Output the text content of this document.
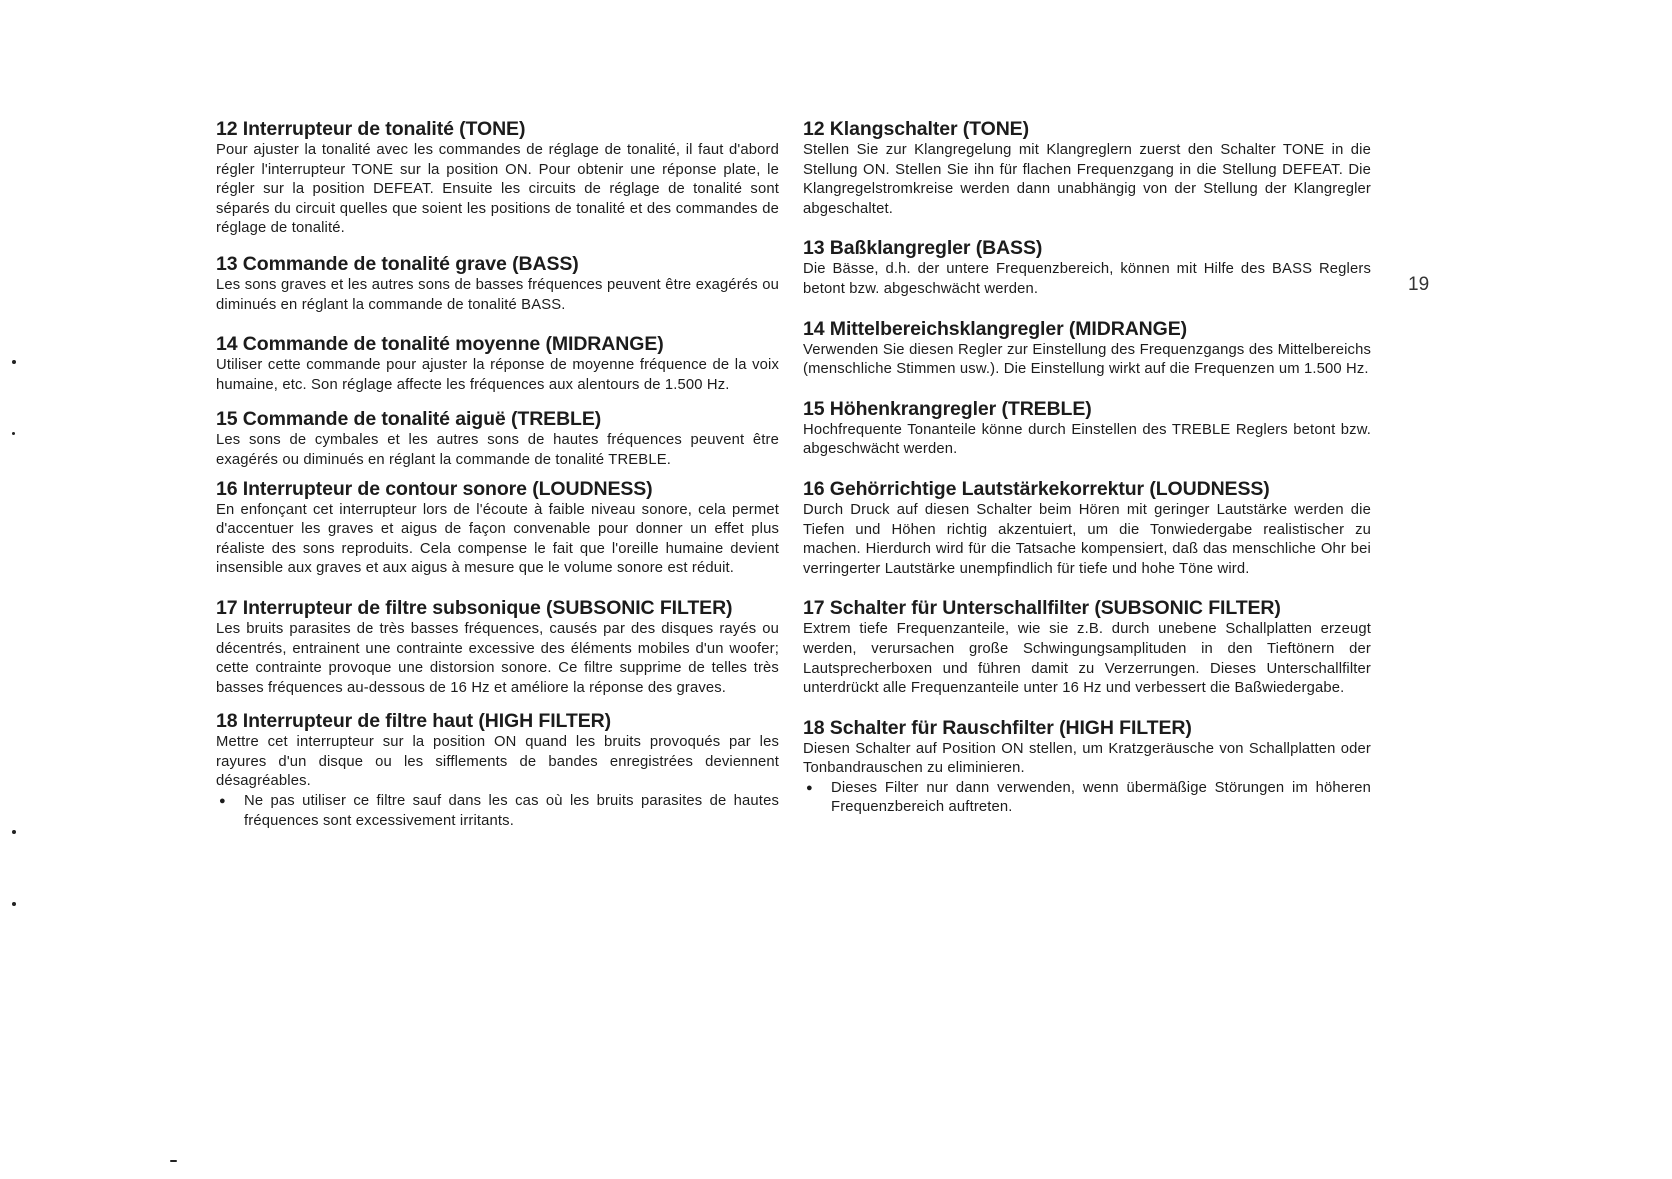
12 Interrupteur de tonalité (TONE)

Pour ajuster la tonalité avec les commandes de réglage de tonalité, il faut d'abord régler l'interrupteur TONE sur la position ON. Pour obtenir une réponse plate, le régler sur la position DEFEAT. Ensuite les circuits de réglage de tonalité sont séparés du circuit quelles que soient les positions de tonalité et des commandes de réglage de tonalité.

13 Commande de tonalité grave (BASS)

Les sons graves et les autres sons de basses fréquences peuvent être exagérés ou diminués en réglant la commande de tonalité BASS.

14 Commande de tonalité moyenne (MIDRANGE)

Utiliser cette commande pour ajuster la réponse de moyenne fréquence de la voix humaine, etc. Son réglage affecte les fréquences aux alentours de 1.500 Hz.

15 Commande de tonalité aiguë (TREBLE)

Les sons de cymbales et les autres sons de hautes fréquences peuvent être exagérés ou diminués en réglant la commande de tonalité TREBLE.

16 Interrupteur de contour sonore (LOUDNESS)

En enfonçant cet interrupteur lors de l'écoute à faible niveau sonore, cela permet d'accentuer les graves et aigus de façon convenable pour donner un effet plus réaliste des sons reproduits. Cela compense le fait que l'oreille humaine devient insensible aux graves et aux aigus à mesure que le volume sonore est réduit.

17 Interrupteur de filtre subsonique (SUBSONIC FILTER)

Les bruits parasites de très basses fréquences, causés par des disques rayés ou décentrés, entrainent une contrainte excessive des éléments mobiles d'un woofer; cette contrainte provoque une distorsion sonore. Ce filtre supprime de telles très basses fréquences au-dessous de 16 Hz et améliore la réponse des graves.

18 Interrupteur de filtre haut (HIGH FILTER)

Mettre cet interrupteur sur la position ON quand les bruits provoqués par les rayures d'un disque ou les sifflements de bandes enregistrées deviennent désagréables.

● Ne pas utiliser ce filtre sauf dans les cas où les bruits parasites de hautes fréquences sont excessivement irritants.
12 Klangschalter (TONE)

Stellen Sie zur Klangregelung mit Klangreglern zuerst den Schalter TONE in die Stellung ON. Stellen Sie ihn für flachen Frequenzgang in die Stellung DEFEAT. Die Klangregelstromkreise werden dann unabhängig von der Stellung der Klangregler abgeschaltet.

13 Baßklangregler (BASS)

Die Bässe, d.h. der untere Frequenzbereich, können mit Hilfe des BASS Reglers betont bzw. abgeschwächt werden.

14 Mittelbereichsklangregler (MIDRANGE)

Verwenden Sie diesen Regler zur Einstellung des Frequenzgangs des Mittelbereichs (menschliche Stimmen usw.). Die Einstellung wirkt auf die Frequenzen um 1.500 Hz.

15 Höhenkrangregler (TREBLE)

Hochfrequente Tonanteile könne durch Einstellen des TREBLE Reglers betont bzw. abgeschwächt werden.

16 Gehörrichtige Lautstärkekorrektur (LOUDNESS)

Durch Druck auf diesen Schalter beim Hören mit geringer Lautstärke werden die Tiefen und Höhen richtig akzentuiert, um die Tonwiedergabe realistischer zu machen. Hierdurch wird für die Tatsache kompensiert, daß das menschliche Ohr bei verringerter Lautstärke unempfindlich für tiefe und hohe Töne wird.

17 Schalter für Unterschallfilter (SUBSONIC FILTER)

Extrem tiefe Frequenzanteile, wie sie z.B. durch unebene Schallplatten erzeugt werden, verursachen große Schwingungsamplituden in den Tieftönern der Lautsprecherboxen und führen damit zu Verzerrungen. Dieses Unterschallfilter unterdrückt alle Frequenzanteile unter 16 Hz und verbessert die Baßwiedergabe.

18 Schalter für Rauschfilter (HIGH FILTER)

Diesen Schalter auf Position ON stellen, um Kratzgeräusche von Schallplatten oder Tonbandrauschen zu eliminieren.

● Dieses Filter nur dann verwenden, wenn übermäßige Störungen im höheren Frequenzbereich auftreten.
19
